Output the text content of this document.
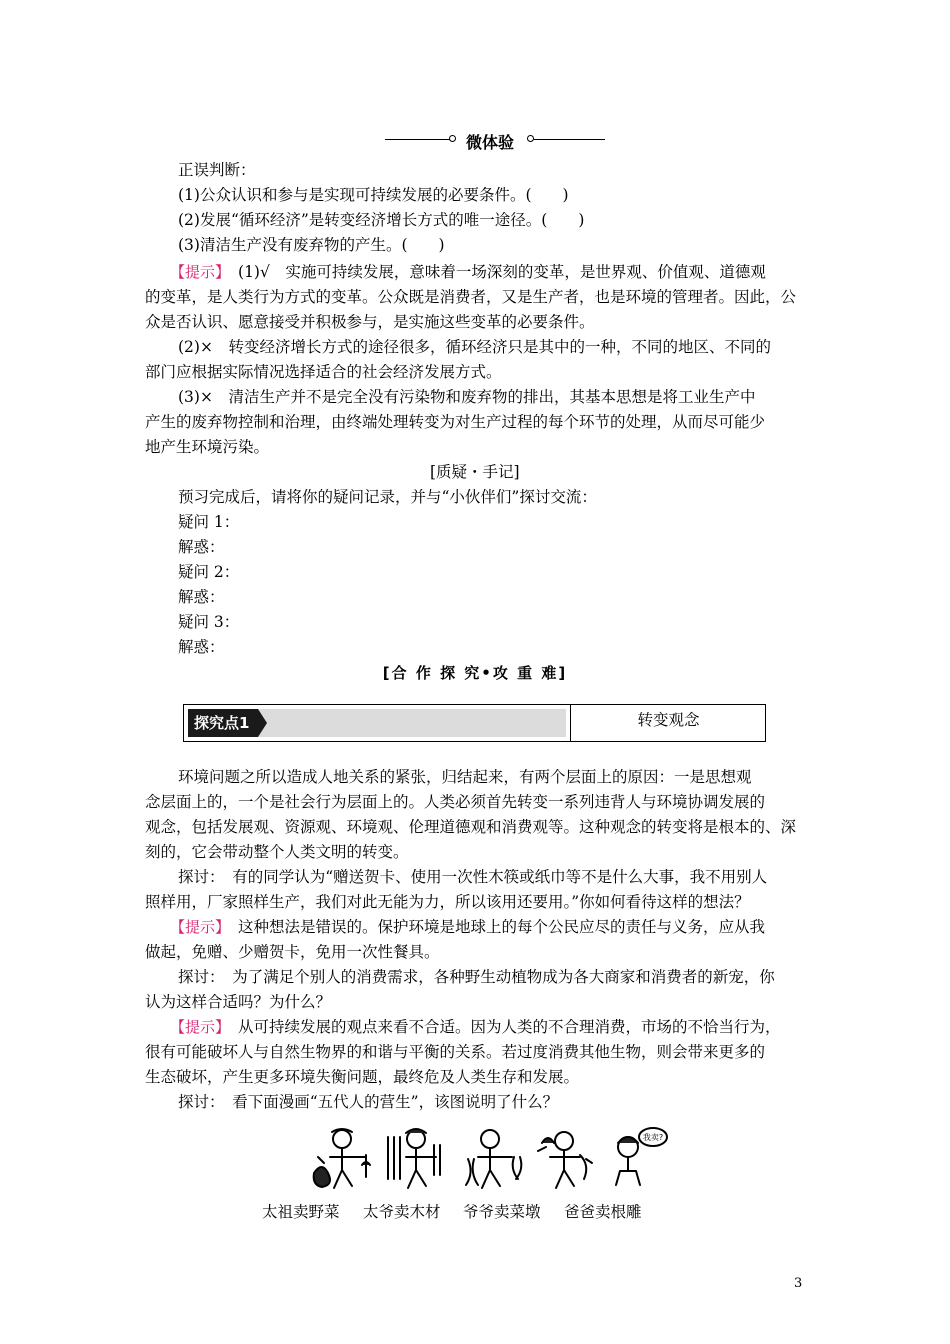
微体验
正误判断：
(1)公众认识和参与是实现可持续发展的必要条件。(　　)
(2)发展“循环经济”是转变经济增长方式的唯一途径。(　　)
(3)清洁生产没有废弃物的产生。(　　)
【提示】　(1)√　实施可持续发展，意味着一场深刻的变革，是世界观、价值观、道德观
的变革，是人类行为方式的变革。公众既是消费者，又是生产者，也是环境的管理者。因此，公
众是否认识、愿意接受并积极参与，是实施这些变革的必要条件。
(2)×　转变经济增长方式的途径很多，循环经济只是其中的一种，不同的地区、不同的
部门应根据实际情况选择适合的社会经济发展方式。
(3)×　清洁生产并不是完全没有污染物和废弃物的排出，其基本思想是将工业生产中
产生的废弃物控制和治理，由终端处理转变为对生产过程的每个环节的处理，从而尽可能少
地产生环境污染。
[质疑・手记]
预习完成后，请将你的疑问记录，并与“小伙伴们”探讨交流：
疑问 1：
解惑：
疑问 2：
解惑：
疑问 3：
解惑：
[合 作 探 究•攻 重 难]
探究点1	转变观念
环境问题之所以造成人地关系的紧张，归结起来，有两个层面上的原因：一是思想观
念层面上的，一个是社会行为层面上的。人类必须首先转变一系列违背人与环境协调发展的
观念，包括发展观、资源观、环境观、伦理道德观和消费观等。这种观念的转变将是根本的、深
刻的，它会带动整个人类文明的转变。
探讨：　有的同学认为“赠送贺卡、使用一次性木筷或纸巾等不是什么大事，我不用别人
照样用，厂家照样生产，我们对此无能为力，所以该用还要用。”你如何看待这样的想法？
【提示】　这种想法是错误的。保护环境是地球上的每个公民应尽的责任与义务，应从我
做起，免赠、少赠贺卡，免用一次性餐具。
探讨：　为了满足个别人的消费需求，各种野生动植物成为各大商家和消费者的新宠，你
认为这样合适吗？为什么？
【提示】　从可持续发展的观点来看不合适。因为人类的不合理消费，市场的不恰当行为，
很有可能破坏人与自然生物界的和谐与平衡的关系。若过度消费其他生物，则会带来更多的
生态破坏，产生更多环境失衡问题，最终危及人类生存和发展。
探讨：　看下面漫画“五代人的营生”，该图说明了什么？
我卖?
太祖卖野菜 太爷卖木材 爷爷卖菜墩 爸爸卖根雕
3
